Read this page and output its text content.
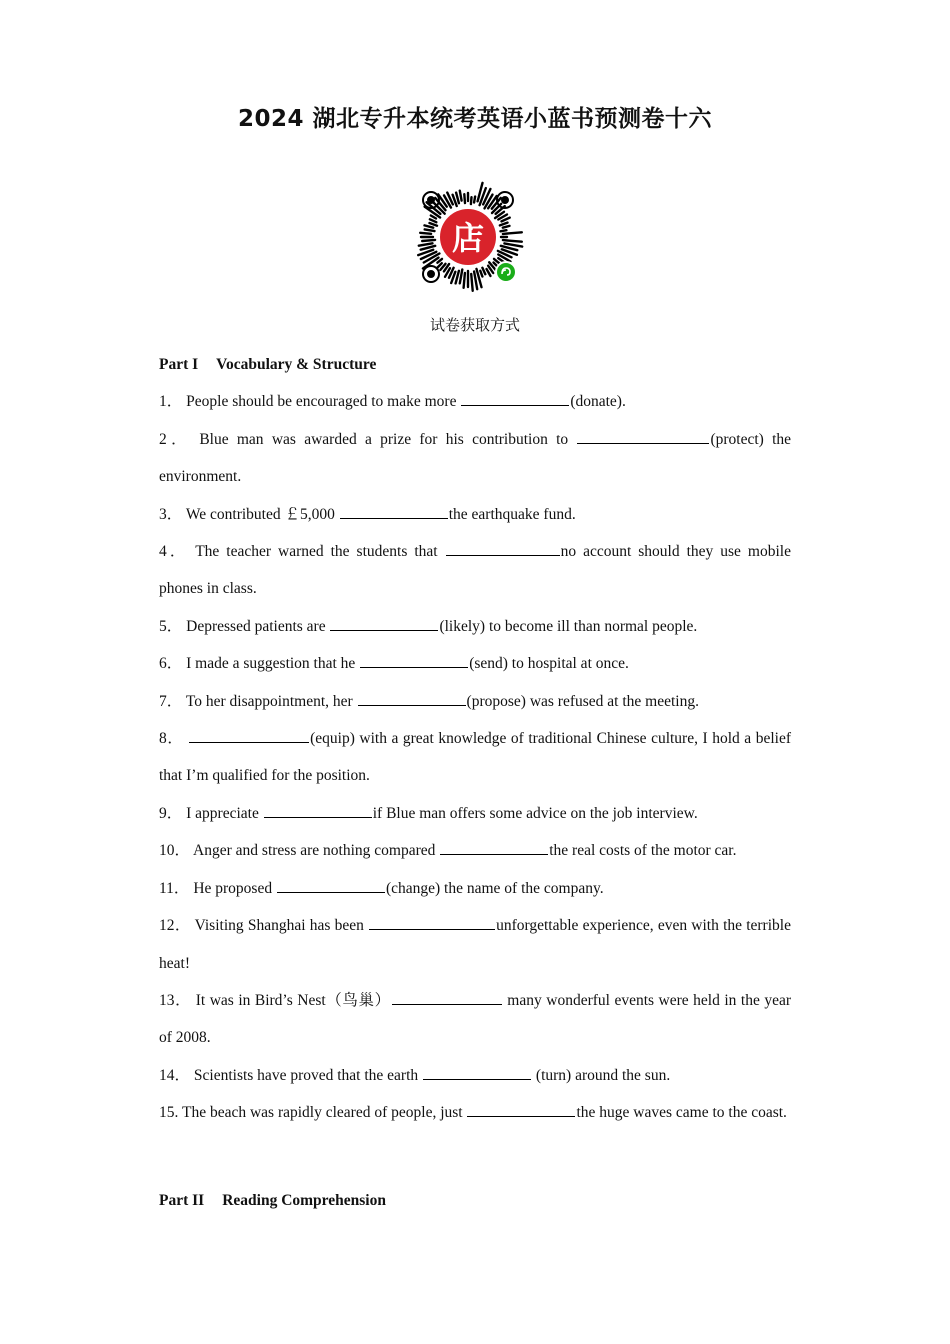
2024 湖北专升本统考英语小蓝书预测卷十六
店
试卷获取方式

Part I Vocabulary & Structure

1． People should be encouraged to make more	(donate).

2． Blue man was awarded a prize for his contribution to	(protect) the environment.

3． We contributed ￡5,000	the earthquake fund.

4． The teacher warned the students that	no account should they use mobile phones in class.

5． Depressed patients are	(likely) to become ill than normal people.

6． I made a suggestion that he	(send) to hospital at once.

7． To her disappointment, her	(propose) was refused at the meeting.

8．	(equip) with a great knowledge of traditional Chinese culture, I hold a belief that I’m qualified for the position.

9． I appreciate	if Blue man offers some advice on the job interview.

10． Anger and stress are nothing compared	the real costs of the motor car.

11． He proposed	(change) the name of the company.

12． Visiting Shanghai has been	unforgettable experience, even with the terrible heat!

13． It was in Bird’s Nest（鸟巢）	many wonderful events were held in the year of 2008.

14． Scientists have proved that the earth	(turn) around the sun.

15. The beach was rapidly cleared of people, just	the huge waves came to the coast.

Part II Reading Comprehension
